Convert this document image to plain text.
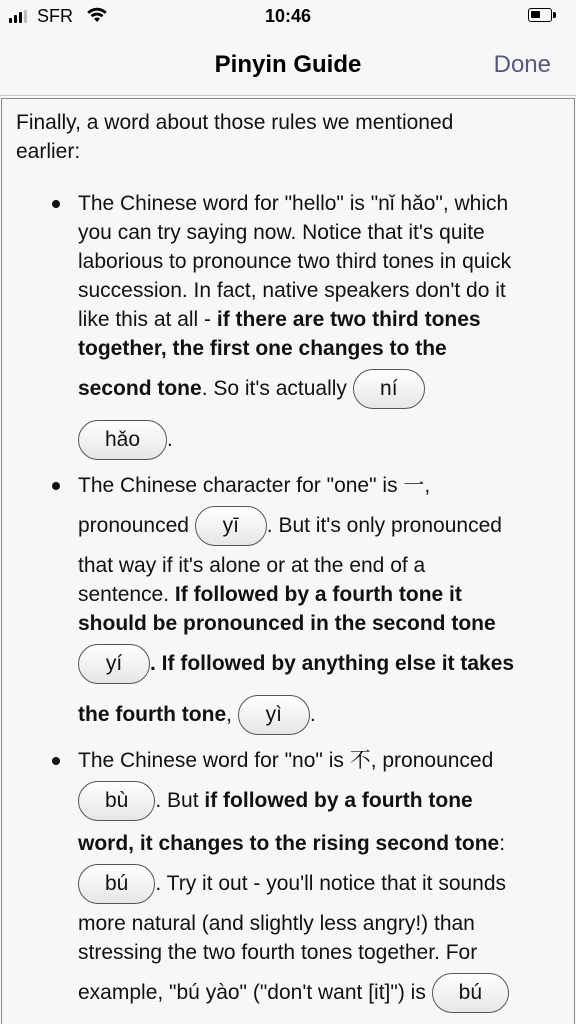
SFR	10:46
Pinyin Guide	Done
Finally, a word about those rules we mentioned
earlier:
The Chinese word for "hello" is "nǐ hǎo", which
you can try saying now. Notice that it's quite
laborious to pronounce two third tones in quick
succession. In fact, native speakers don't do it
like this at all - if there are two third tones
together, the first one changes to the
second tone. So it's actually ní
hǎo .
The Chinese character for "one" is 一,
pronounced yī . But it's only pronounced
that way if it's alone or at the end of a
sentence. If followed by a fourth tone it
should be pronounced in the second tone
yí . If followed by anything else it takes
the fourth tone, yì .
The Chinese word for "no" is 不, pronounced
bù . But if followed by a fourth tone
word, it changes to the rising second tone:
bú . Try it out - you'll notice that it sounds
more natural (and slightly less angry!) than
stressing the two fourth tones together. For
example, "bú yào" ("don't want [it]") is bú
